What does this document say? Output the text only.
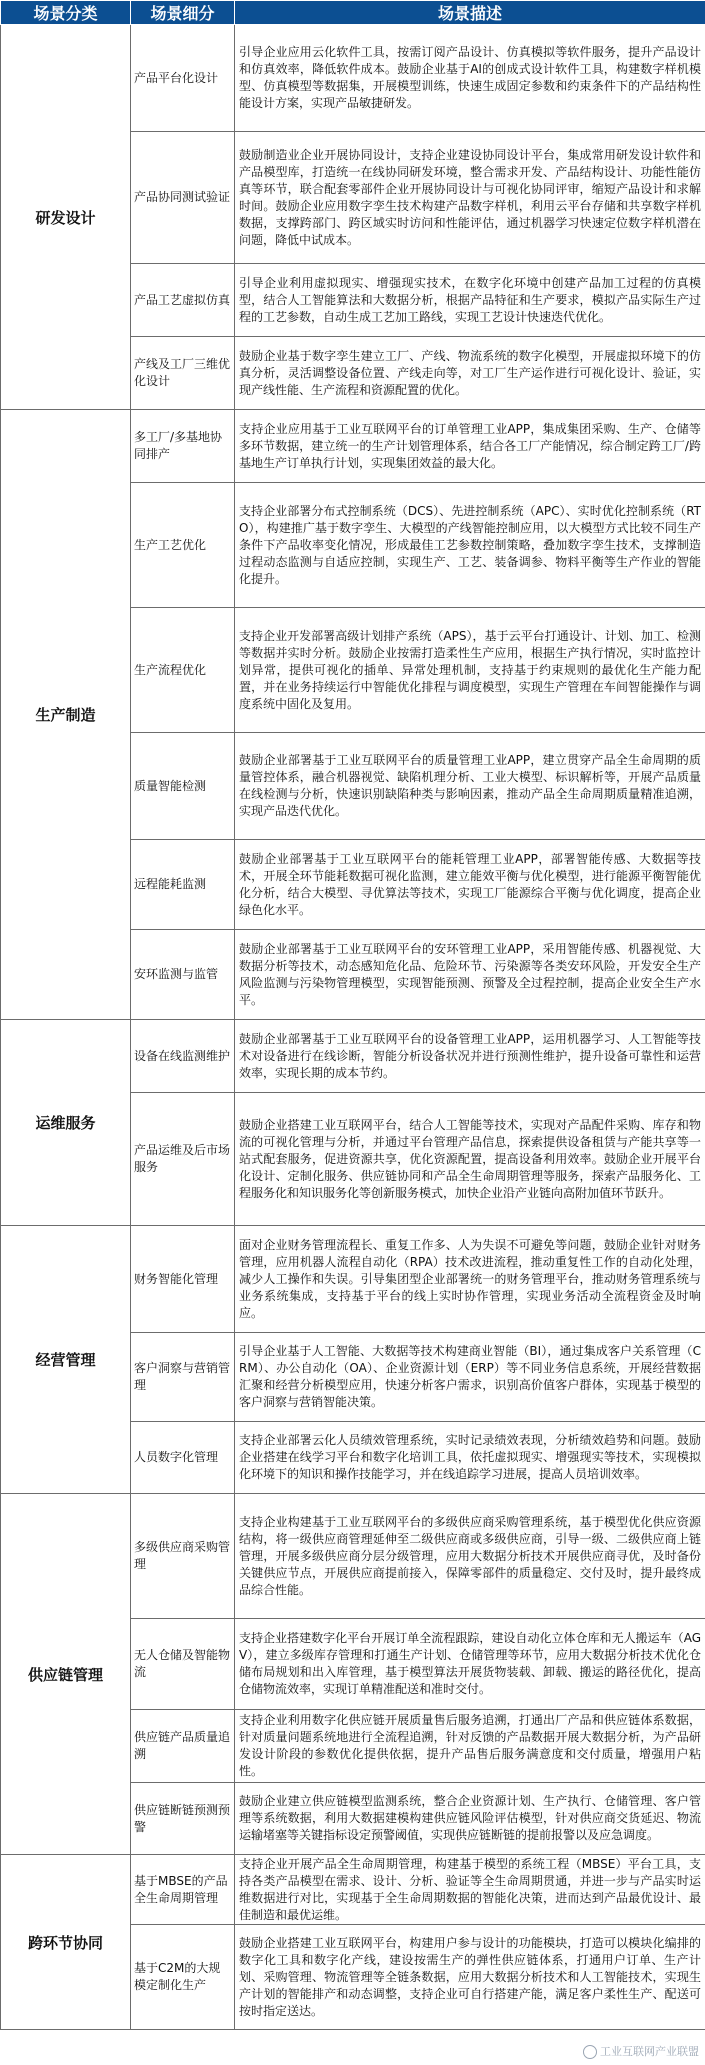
场景分类	场景细分	场景描述
研发设计	产品平台化设计	引导企业应用云化软件工具，按需订阅产品设计、仿真模拟等软件服务，提升产品设计和仿真效率，降低软件成本。鼓励企业基于AI的创成式设计软件工具，构建数字样机模型、仿真模型等数据集，开展模型训练，快速生成固定参数和约束条件下的产品结构性能设计方案，实现产品敏捷研发。
	产品协同测试验证	鼓励制造业企业开展协同设计，支持企业建设协同设计平台，集成常用研发设计软件和产品模型库，打造统一在线协同研发环境，整合需求开发、产品结构设计、功能性能仿真等环节，联合配套零部件企业开展协同设计与可视化协同评审，缩短产品设计和求解时间。鼓励企业应用数字孪生技术构建产品数字样机，利用云平台存储和共享数字样机数据，支撑跨部门、跨区域实时访问和性能评估，通过机器学习快速定位数字样机潜在问题，降低中试成本。
	产品工艺虚拟仿真	引导企业利用虚拟现实、增强现实技术，在数字化环境中创建产品加工过程的仿真模型，结合人工智能算法和大数据分析，根据产品特征和生产要求，模拟产品实际生产过程的工艺参数，自动生成工艺加工路线，实现工艺设计快速迭代优化。
	产线及工厂三维优化设计	鼓励企业基于数字孪生建立工厂、产线、物流系统的数字化模型，开展虚拟环境下的仿真分析，灵活调整设备位置、产线走向等，对工厂生产运作进行可视化设计、验证，实现产线性能、生产流程和资源配置的优化。
生产制造	多工厂/多基地协同排产	支持企业应用基于工业互联网平台的订单管理工业APP，集成集团采购、生产、仓储等多环节数据，建立统一的生产计划管理体系，结合各工厂产能情况，综合制定跨工厂/跨基地生产订单执行计划，实现集团效益的最大化。
	生产工艺优化	支持企业部署分布式控制系统（DCS）、先进控制系统（APC）、实时优化控制系统（RTO），构建推广基于数字孪生、大模型的产线智能控制应用，以大模型方式比较不同生产条件下产品收率变化情况，形成最佳工艺参数控制策略，叠加数字孪生技术，支撑制造过程动态监测与自适应控制，实现生产、工艺、装备调参、物料平衡等生产作业的智能化提升。
	生产流程优化	支持企业开发部署高级计划排产系统（APS），基于云平台打通设计、计划、加工、检测等数据并实时分析。鼓励企业按需打造柔性生产应用，根据生产执行情况，实时监控计划异常，提供可视化的插单、异常处理机制，支持基于约束规则的最优化生产能力配置，并在业务持续运行中智能优化排程与调度模型，实现生产管理在车间智能操作与调度系统中固化及复用。
	质量智能检测	鼓励企业部署基于工业互联网平台的质量管理工业APP，建立贯穿产品全生命周期的质量管控体系，融合机器视觉、缺陷机理分析、工业大模型、标识解析等，开展产品质量在线检测与分析，快速识别缺陷种类与影响因素，推动产品全生命周期质量精准追溯，实现产品迭代优化。
	远程能耗监测	鼓励企业部署基于工业互联网平台的能耗管理工业APP，部署智能传感、大数据等技术，开展全环节能耗数据可视化监测，建立能效平衡与优化模型，进行能源平衡智能优化分析，结合大模型、寻优算法等技术，实现工厂能源综合平衡与优化调度，提高企业绿色化水平。
	安环监测与监管	鼓励企业部署基于工业互联网平台的安环管理工业APP，采用智能传感、机器视觉、大数据分析等技术，动态感知危化品、危险环节、污染源等各类安环风险，开发安全生产风险监测与污染物管理模型，实现智能预测、预警及全过程控制，提高企业安全生产水平。
运维服务	设备在线监测维护	鼓励企业部署基于工业互联网平台的设备管理工业APP，运用机器学习、人工智能等技术对设备进行在线诊断，智能分析设备状况并进行预测性维护，提升设备可靠性和运营效率，实现长期的成本节约。
	产品运维及后市场服务	鼓励企业搭建工业互联网平台，结合人工智能等技术，实现对产品配件采购、库存和物流的可视化管理与分析，并通过平台管理产品信息，探索提供设备租赁与产能共享等一站式配套服务，促进资源共享，优化资源配置，提高设备利用效率。鼓励企业开展平台化设计、定制化服务、供应链协同和产品全生命周期管理等服务，探索产品服务化、工程服务化和知识服务化等创新服务模式，加快企业沿产业链向高附加值环节跃升。
经营管理	财务智能化管理	面对企业财务管理流程长、重复工作多、人为失误不可避免等问题，鼓励企业针对财务管理，应用机器人流程自动化（RPA）技术改进流程，推动重复性工作的自动化处理，减少人工操作和失误。引导集团型企业部署统一的财务管理平台，推动财务管理系统与业务系统集成，支持基于平台的线上实时协作管理，实现业务活动全流程资金及时响应。
	客户洞察与营销管理	引导企业基于人工智能、大数据等技术构建商业智能（BI），通过集成客户关系管理（CRM）、办公自动化（OA）、企业资源计划（ERP）等不同业务信息系统，开展经营数据汇聚和经营分析模型应用，快速分析客户需求，识别高价值客户群体，实现基于模型的客户洞察与营销智能决策。
	人员数字化管理	支持企业部署云化人员绩效管理系统，实时记录绩效表现，分析绩效趋势和问题。鼓励企业搭建在线学习平台和数字化培训工具，依托虚拟现实、增强现实等技术，实现模拟化环境下的知识和操作技能学习，并在线追踪学习进展，提高人员培训效率。
供应链管理	多级供应商采购管理	支持企业构建基于工业互联网平台的多级供应商采购管理系统，基于模型优化供应资源结构，将一级供应商管理延伸至二级供应商或多级供应商，引导一级、二级供应商上链管理，开展多级供应商分层分级管理，应用大数据分析技术开展供应商寻优，及时备份关键供应节点，开展供应商提前接入，保障零部件的质量稳定、交付及时，提升最终成品综合性能。
	无人仓储及智能物流	支持企业搭建数字化平台开展订单全流程跟踪，建设自动化立体仓库和无人搬运车（AGV），建立多级库存管理和打通生产计划、仓储管理等环节，应用大数据分析技术优化仓储布局规划和出入库管理，基于模型算法开展货物装载、卸载、搬运的路径优化，提高仓储物流效率，实现订单精准配送和准时交付。
	供应链产品质量追溯	支持企业利用数字化供应链开展质量售后服务追溯，打通出厂产品和供应链体系数据，针对质量问题系统地进行全流程追溯，针对反馈的产品数据开展大数据分析，为产品研发设计阶段的参数优化提供依据，提升产品售后服务满意度和交付质量，增强用户粘性。
	供应链断链预测预警	鼓励企业建立供应链模型监测系统，整合企业资源计划、生产执行、仓储管理、客户管理等系统数据，利用大数据建模构建供应链风险评估模型，针对供应商交货延迟、物流运输堵塞等关键指标设定预警阈值，实现供应链断链的提前报警以及应急调度。
跨环节协同	基于MBSE的产品全生命周期管理	支持企业开展产品全生命周期管理，构建基于模型的系统工程（MBSE）平台工具，支持各类产品模型在需求、设计、分析、验证等全生命周期贯通，并进一步与产品实时运维数据进行对比，实现基于全生命周期数据的智能化决策，进而达到产品最优设计、最佳制造和最优运维。
	基于C2M的大规模定制化生产	鼓励企业搭建工业互联网平台，构建用户参与设计的功能模块，打造可以模块化编排的数字化工具和数字化产线，建设按需生产的弹性供应链体系，打通用户订单、生产计划、采购管理、物流管理等全链条数据，应用大数据分析技术和人工智能技术，实现生产计划的智能排产和动态调整，支持企业可自行搭建产能，满足客户柔性生产、配送可按时指定送达。
工业互联网产业联盟
